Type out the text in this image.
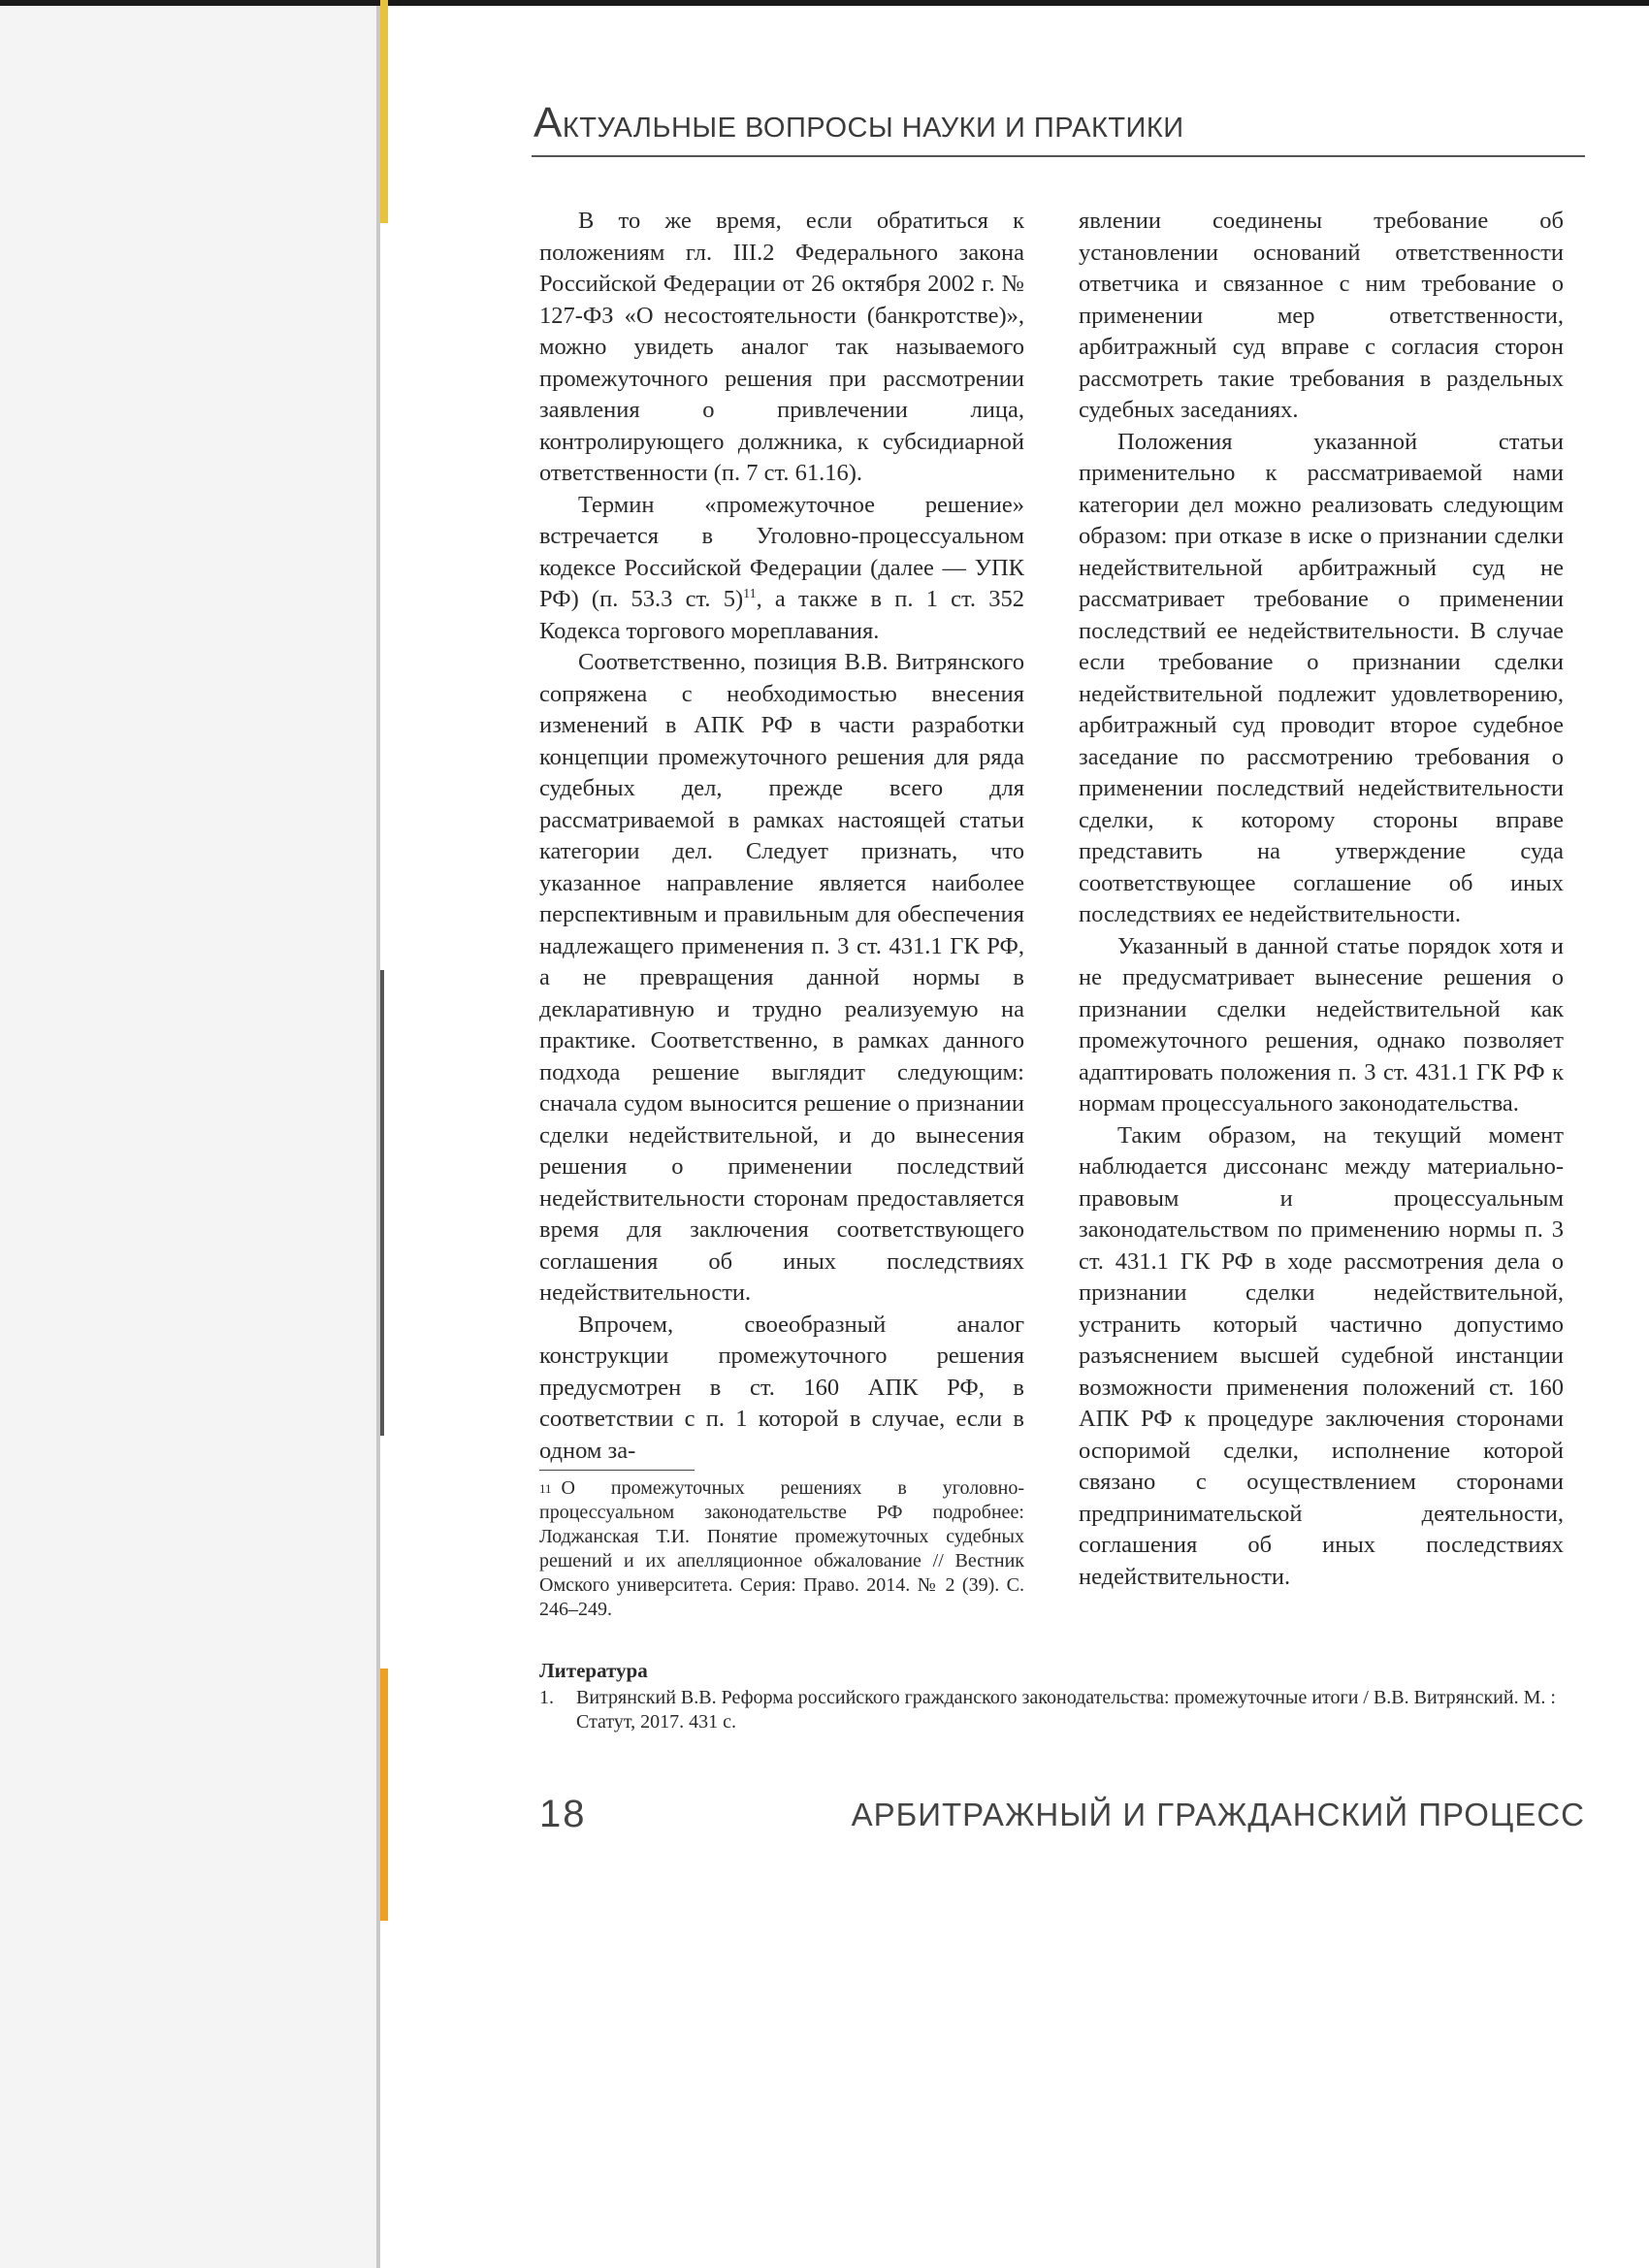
АКТУАЛЬНЫЕ ВОПРОСЫ НАУКИ И ПРАКТИКИ

В то же время, если обратиться к положениям гл. III.2 Федерального закона Российской Федерации от 26 октября 2002 г. № 127-ФЗ «О несостоятельности (банкротстве)», можно увидеть аналог так называемого промежуточного решения при рассмотрении заявления о привлечении лица, контролирующего должника, к субсидиарной ответственности (п. 7 ст. 61.16).

Термин «промежуточное решение» встречается в Уголовно-процессуальном кодексе Российской Федерации (далее — УПК РФ) (п. 53.3 ст. 5)$^{11}$, а также в п. 1 ст. 352 Кодекса торгового мореплавания.

Соответственно, позиция В.В. Витрянского сопряжена с необходимостью внесения изменений в АПК РФ в части разработки концепции промежуточного решения для ряда судебных дел, прежде всего для рассматриваемой в рамках настоящей статьи категории дел. Следует признать, что указанное направление является наиболее перспективным и правильным для обеспечения надлежащего применения п. 3 ст. 431.1 ГК РФ, а не превращения данной нормы в декларативную и трудно реализуемую на практике. Соответственно, в рамках данного подхода решение выглядит следующим: сначала судом выносится решение о признании сделки недействительной, и до вынесения решения о применении последствий недействительности сторонам предоставляется время для заключения соответствующего соглашения об иных последствиях недействительности.

Впрочем, своеобразный аналог конструкции промежуточного решения предусмотрен в ст. 160 АПК РФ, в соответствии с п. 1 которой в случае, если в одном за-

явлении соединены требование об установлении оснований ответственности ответчика и связанное с ним требование о применении мер ответственности, арбитражный суд вправе с согласия сторон рассмотреть такие требования в раздельных судебных заседаниях.

Положения указанной статьи применительно к рассматриваемой нами категории дел можно реализовать следующим образом: при отказе в иске о признании сделки недействительной арбитражный суд не рассматривает требование о применении последствий ее недействительности. В случае если требование о признании сделки недействительной подлежит удовлетворению, арбитражный суд проводит второе судебное заседание по рассмотрению требования о применении последствий недействительности сделки, к которому стороны вправе представить на утверждение суда соответствующее соглашение об иных последствиях ее недействительности.

Указанный в данной статье порядок хотя и не предусматривает вынесение решения о признании сделки недействительной как промежуточного решения, однако позволяет адаптировать положения п. 3 ст. 431.1 ГК РФ к нормам процессуального законодательства.

Таким образом, на текущий момент наблюдается диссонанс между материально-правовым и процессуальным законодательством по применению нормы п. 3 ст. 431.1 ГК РФ в ходе рассмотрения дела о признании сделки недействительной, устранить который частично допустимо разъяснением высшей судебной инстанции возможности применения положений ст. 160 АПК РФ к процедуре заключения сторонами оспоримой сделки, исполнение которой связано с осуществлением сторонами предпринимательской деятельности, соглашения об иных последствиях недействительности.

$^{11}$ О промежуточных решениях в уголовно-процессуальном законодательстве РФ подробнее: Лоджанская Т.И. Понятие промежуточных судебных решений и их апелляционное обжалование // Вестник Омского университета. Серия: Право. 2014. № 2 (39). С. 246–249.
Литература
1.	Витрянский В.В. Реформа российского гражданского законодательства: промежуточные итоги / В.В. Витрянский. М. : Статут, 2017. 431 с.
18	АРБИТРАЖНЫЙ И ГРАЖДАНСКИЙ ПРОЦЕСС
